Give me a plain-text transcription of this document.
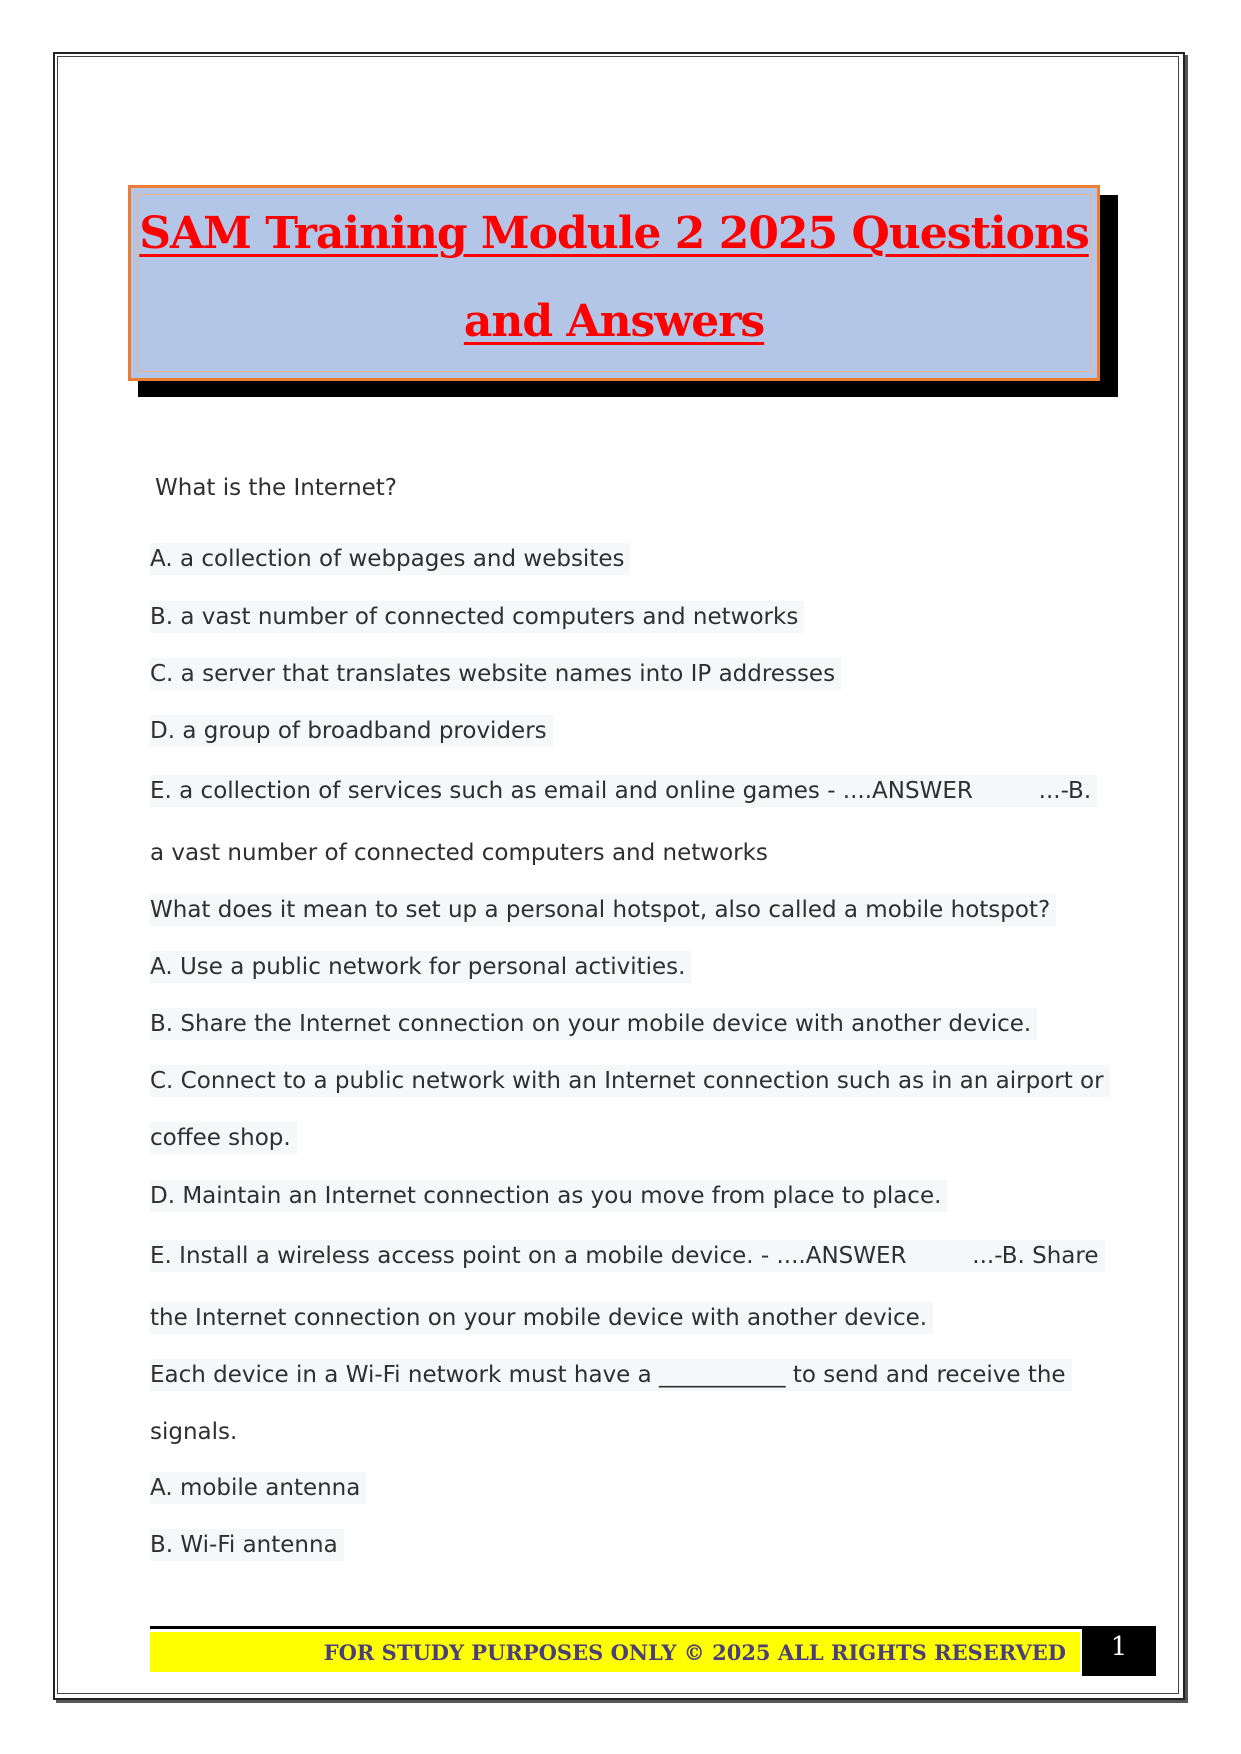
SAM Training Module 2 2025 Questions
and Answers
What is the Internet?
A. a collection of webpages and websites
B. a vast number of connected computers and networks
C. a server that translates website names into IP addresses
D. a group of broadband providers
E. a collection of services such as email and online games - ....ANSWER         ...-B.
a vast number of connected computers and networks
What does it mean to set up a personal hotspot, also called a mobile hotspot?
A. Use a public network for personal activities.
B. Share the Internet connection on your mobile device with another device.
C. Connect to a public network with an Internet connection such as in an airport or
coffee shop.
D. Maintain an Internet connection as you move from place to place.
E. Install a wireless access point on a mobile device. - ....ANSWER         ...-B. Share
the Internet connection on your mobile device with another device.
Each device in a Wi-Fi network must have a ___________ to send and receive the
signals.
A. mobile antenna
B. Wi-Fi antenna
FOR STUDY PURPOSES ONLY © 2025 ALL RIGHTS RESERVED	1
